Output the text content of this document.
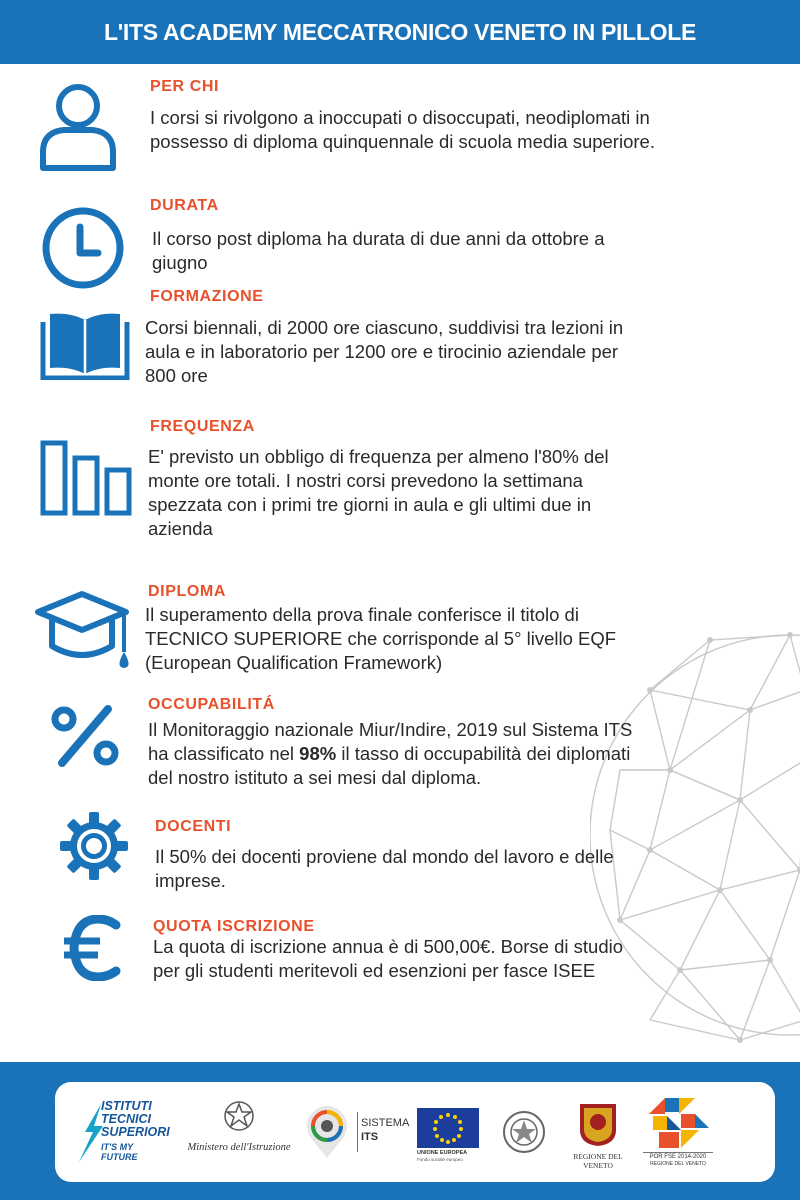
L'ITS ACADEMY MECCATRONICO VENETO IN PILLOLE
PER CHI
I corsi si rivolgono a inoccupati o disoccupati, neodiplomati in
possesso di diploma quinquennale di scuola media superiore.
DURATA
Il corso post diploma ha durata di due anni da ottobre a
giugno
FORMAZIONE
Corsi biennali, di 2000 ore ciascuno, suddivisi tra lezioni in
aula e in laboratorio per 1200 ore e tirocinio aziendale per
800 ore
FREQUENZA
E' previsto un obbligo di frequenza per almeno l'80% del
monte ore totali. I nostri corsi prevedono la settimana
spezzata con i primi tre giorni in aula e gli ultimi due in
azienda
DIPLOMA
Il superamento della prova finale conferisce il titolo di
TECNICO SUPERIORE che corrisponde al 5° livello EQF
(European Qualification Framework)
OCCUPABILITÁ
Il Monitoraggio nazionale Miur/Indire, 2019 sul Sistema ITS
ha classificato nel 98% il tasso di occupabilità dei diplomati
del nostro istituto a sei mesi dal diploma.
DOCENTI
Il 50% dei docenti proviene dal mondo del lavoro e delle
imprese.
QUOTA ISCRIZIONE
La quota di iscrizione annua è di 500,00€. Borse di studio
per gli studenti meritevoli ed esenzioni per fasce ISEE
ISTITUTI
TECNICI
SUPERIORI
IT'S MY FUTURE
Ministero dell'Istruzione
SISTEMA
ITS
UNIONE EUROPEA
Fondo sociale europeo	REGIONE DEL VENETO
POR FSE 2014-2020
REGIONE DEL VENETO
